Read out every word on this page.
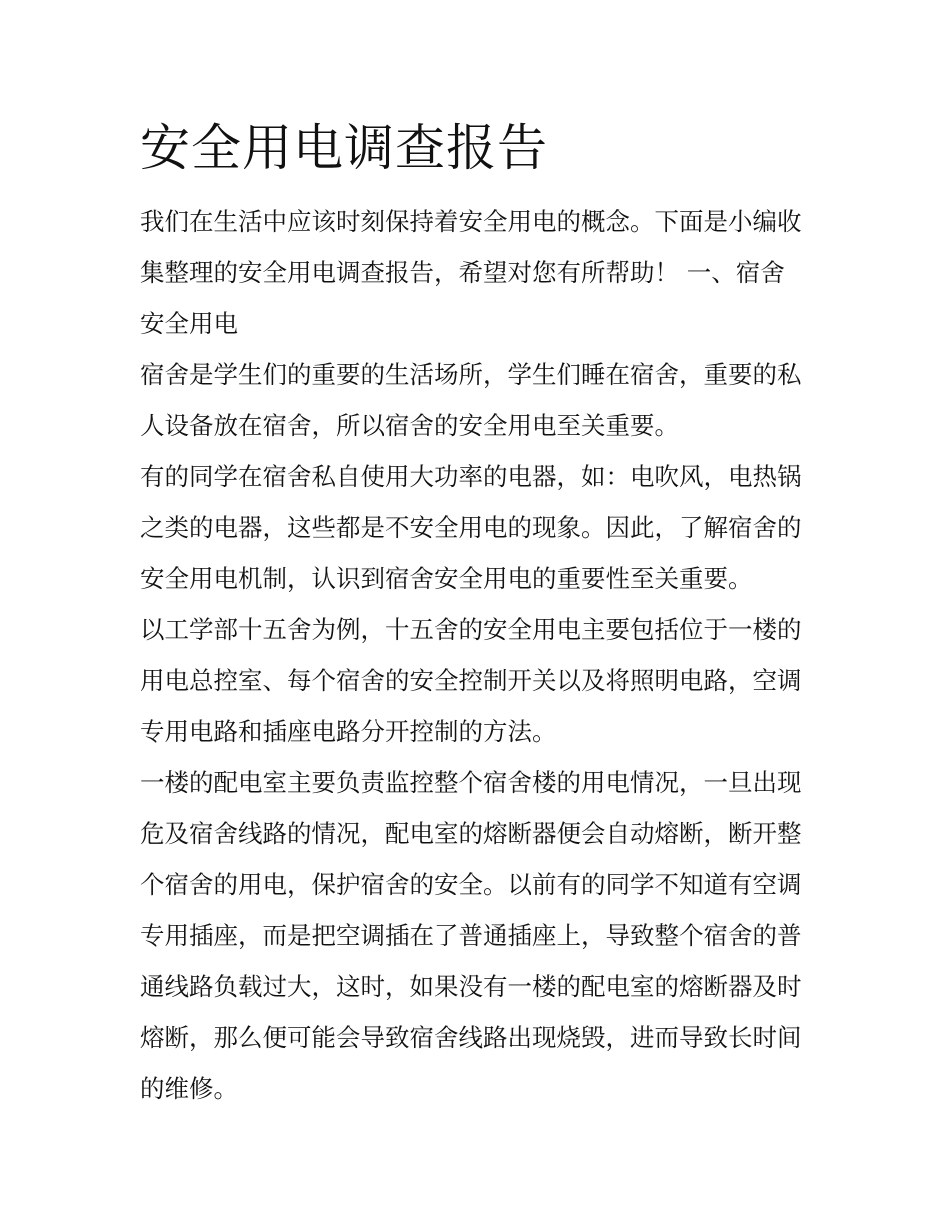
安全用电调查报告
我们在生活中应该时刻保持着安全用电的概念。下面是小编收
集整理的安全用电调查报告，希望对您有所帮助！ 一、宿舍
安全用电
宿舍是学生们的重要的生活场所，学生们睡在宿舍，重要的私
人设备放在宿舍，所以宿舍的安全用电至关重要。
有的同学在宿舍私自使用大功率的电器，如：电吹风，电热锅
之类的电器，这些都是不安全用电的现象。因此，了解宿舍的
安全用电机制，认识到宿舍安全用电的重要性至关重要。
以工学部十五舍为例，十五舍的安全用电主要包括位于一楼的
用电总控室、每个宿舍的安全控制开关以及将照明电路，空调
专用电路和插座电路分开控制的方法。
一楼的配电室主要负责监控整个宿舍楼的用电情况，一旦出现
危及宿舍线路的情况，配电室的熔断器便会自动熔断，断开整
个宿舍的用电，保护宿舍的安全。以前有的同学不知道有空调
专用插座，而是把空调插在了普通插座上，导致整个宿舍的普
通线路负载过大，这时，如果没有一楼的配电室的熔断器及时
熔断，那么便可能会导致宿舍线路出现烧毁，进而导致长时间
的维修。
